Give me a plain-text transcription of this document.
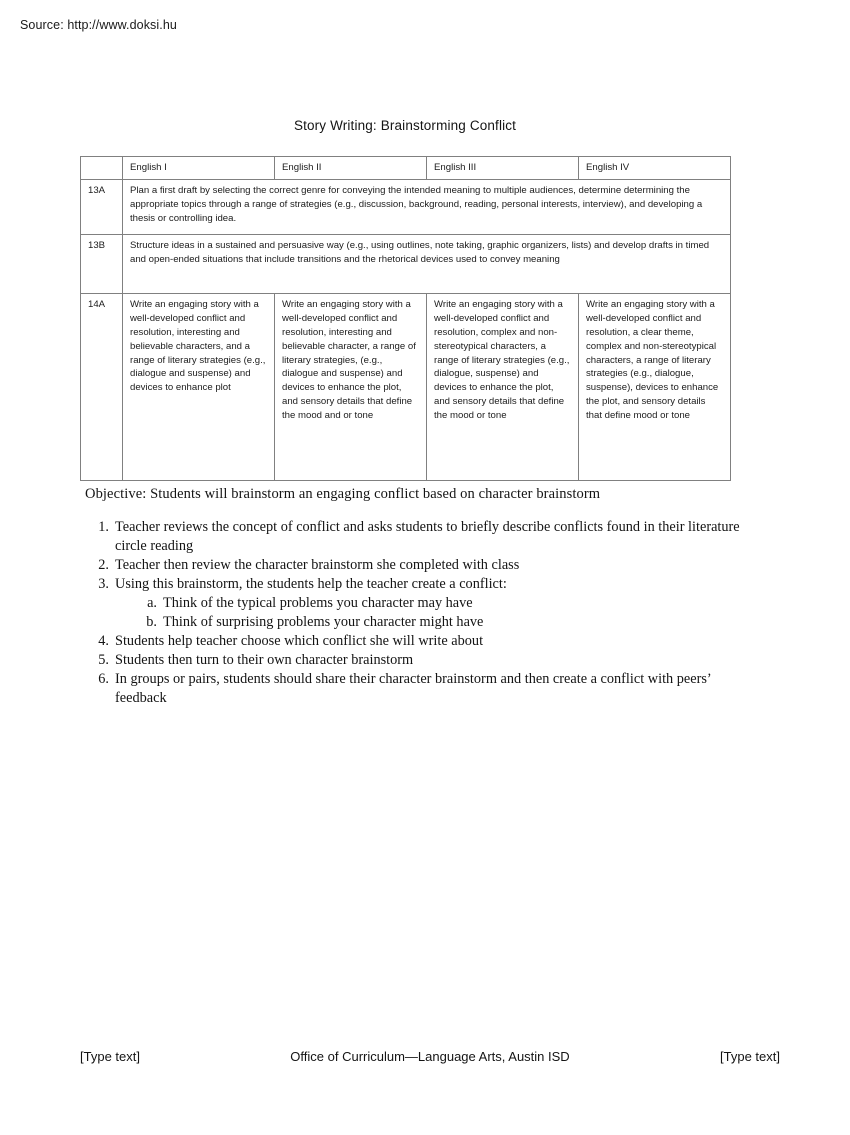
Source: http://www.doksi.hu
Story Writing: Brainstorming Conflict
	English I	English II	English III	English IV
13A	Plan a first draft by selecting the correct genre for conveying the intended meaning to multiple audiences, determine determining the appropriate topics through a range of strategies (e.g., discussion, background, reading, personal interests, interview), and developing a thesis or controlling idea.			
13B	Structure ideas in a sustained and persuasive way (e.g., using outlines, note taking, graphic organizers, lists) and develop drafts in timed and open-ended situations that include transitions and the rhetorical devices used to convey meaning			
14A	Write an engaging story with a well-developed conflict and resolution, interesting and believable characters, and a range of literary strategies (e.g., dialogue and suspense) and devices to enhance plot	Write an engaging story with a well-developed conflict and resolution, interesting and believable character, a range of literary strategies, (e.g., dialogue and suspense) and devices to enhance the plot, and sensory details that define the mood and or tone	Write an engaging story with a well-developed conflict and resolution, complex and non-stereotypical characters, a range of literary strategies (e.g., dialogue, suspense) and devices to enhance the plot, and sensory details that define the mood or tone	Write an engaging story with a well-developed conflict and resolution, a clear theme, complex and non-stereotypical characters, a range of literary strategies (e.g., dialogue, suspense), devices to enhance the plot, and sensory details that define mood or tone
Objective: Students will brainstorm an engaging conflict based on character brainstorm
1. Teacher reviews the concept of conflict and asks students to briefly describe conflicts found in their literature circle reading
2. Teacher then review the character brainstorm she completed with class
3. Using this brainstorm, the students help the teacher create a conflict:
a. Think of the typical problems you character may have
b. Think of surprising problems your character might have
4. Students help teacher choose which conflict she will write about
5. Students then turn to their own character brainstorm
6. In groups or pairs, students should share their character brainstorm and then create a conflict with peers’ feedback
[Type text]	Office of Curriculum—Language Arts, Austin ISD	[Type text]
